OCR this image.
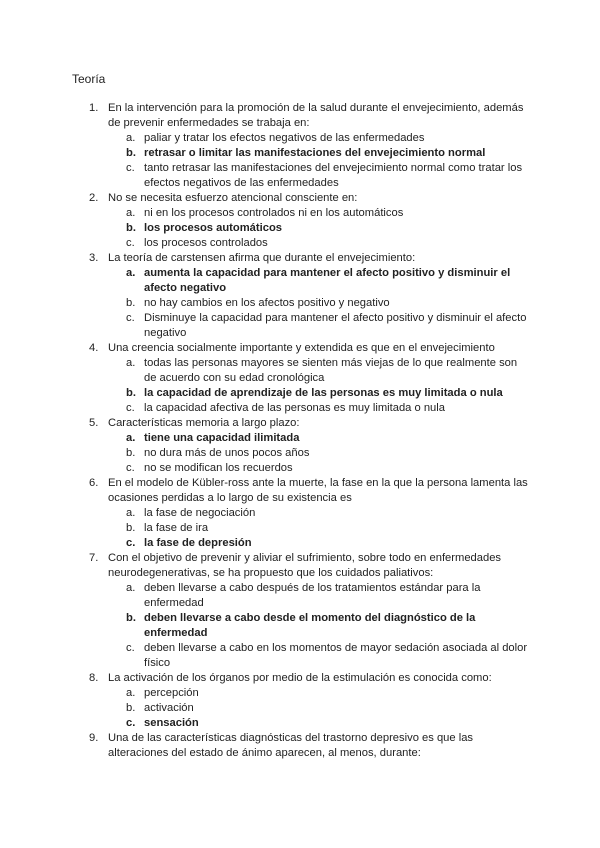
Teoría
1. En la intervención para la promoción de la salud durante el envejecimiento, además de prevenir enfermedades se trabaja en:
a. paliar y tratar los efectos negativos de las enfermedades
b. retrasar o limitar las manifestaciones del envejecimiento normal
c. tanto retrasar las manifestaciones del envejecimiento normal como tratar los efectos negativos de las enfermedades
2. No se necesita esfuerzo atencional consciente en:
a. ni en los procesos controlados ni en los automáticos
b. los procesos automáticos
c. los procesos controlados
3. La teoría de carstensen afirma que durante el envejecimiento:
a. aumenta la capacidad para mantener el afecto positivo y disminuir el afecto negativo
b. no hay cambios en los afectos positivo y negativo
c. Disminuye la capacidad para mantener el afecto positivo y disminuir el afecto negativo
4. Una creencia socialmente importante y extendida es que en el envejecimiento
a. todas las personas mayores se sienten más viejas de lo que realmente son de acuerdo con su edad cronológica
b. la capacidad de aprendizaje de las personas es muy limitada o nula
c. la capacidad afectiva de las personas es muy limitada o nula
5. Características memoria a largo plazo:
a. tiene una capacidad ilimitada
b. no dura más de unos pocos años
c. no se modifican los recuerdos
6. En el modelo de Kübler-ross ante la muerte, la fase en la que la persona lamenta las ocasiones perdidas a lo largo de su existencia es
a. la fase de negociación
b. la fase de ira
c. la fase de depresión
7. Con el objetivo de prevenir y aliviar el sufrimiento, sobre todo en enfermedades neurodegenerativas, se ha propuesto que los cuidados paliativos:
a. deben llevarse a cabo después de los tratamientos estándar para la enfermedad
b. deben llevarse a cabo desde el momento del diagnóstico de la enfermedad
c. deben llevarse a cabo en los momentos de mayor sedación asociada al dolor físico
8. La activación de los órganos por medio de la estimulación es conocida como:
a. percepción
b. activación
c. sensación
9. Una de las características diagnósticas del trastorno depresivo es que las alteraciones del estado de ánimo aparecen, al menos, durante:
